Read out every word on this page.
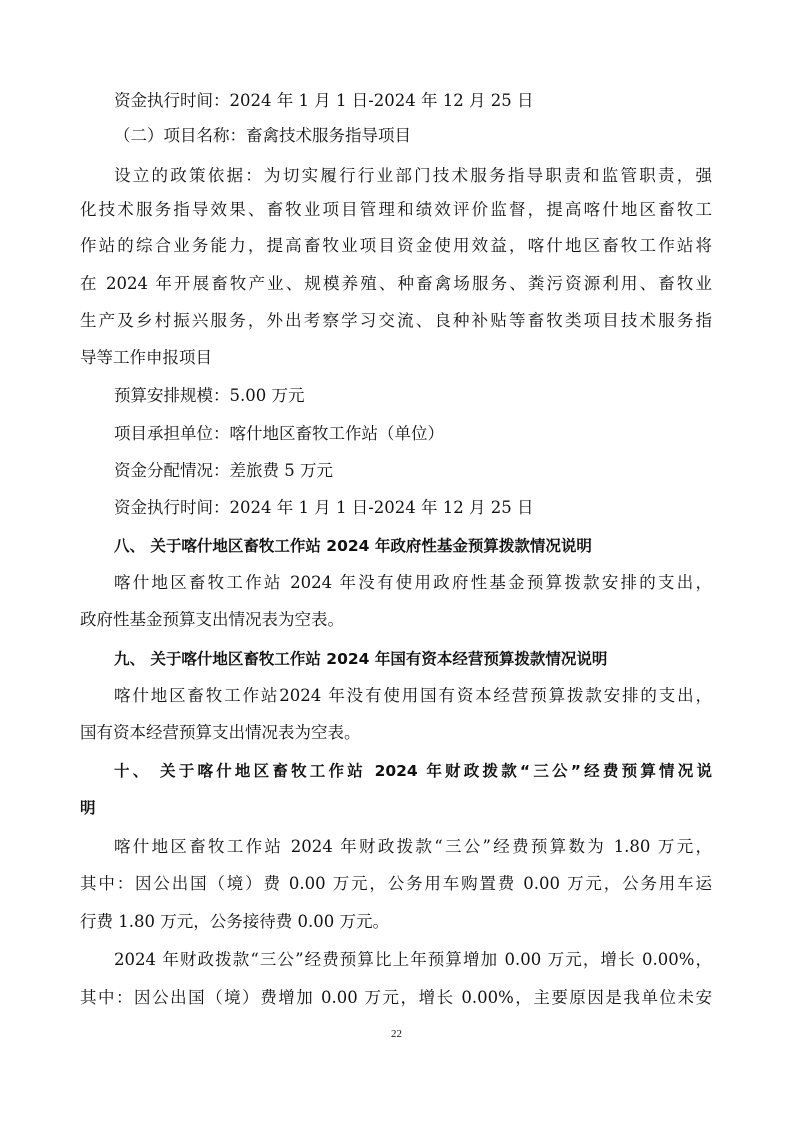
资金执行时间：2024 年 1 月 1 日-2024 年 12 月 25 日
（二）项目名称：畜禽技术服务指导项目
设立的政策依据：为切实履行行业部门技术服务指导职责和监管职责，强
化技术服务指导效果、畜牧业项目管理和绩效评价监督，提高喀什地区畜牧工
作站的综合业务能力，提高畜牧业项目资金使用效益，喀什地区畜牧工作站将
在 2024 年开展畜牧产业、规模养殖、种畜禽场服务、粪污资源利用、畜牧业
生产及乡村振兴服务，外出考察学习交流、良种补贴等畜牧类项目技术服务指
导等工作申报项目
预算安排规模：5.00 万元
项目承担单位：喀什地区畜牧工作站（单位）
资金分配情况：差旅费 5 万元
资金执行时间：2024 年 1 月 1 日-2024 年 12 月 25 日
八、 关于喀什地区畜牧工作站 2024 年政府性基金预算拨款情况说明
喀什地区畜牧工作站 2024 年没有使用政府性基金预算拨款安排的支出，
政府性基金预算支出情况表为空表。
九、 关于喀什地区畜牧工作站 2024 年国有资本经营预算拨款情况说明
喀什地区畜牧工作站2024 年没有使用国有资本经营预算拨款安排的支出，
国有资本经营预算支出情况表为空表。
十、 关于喀什地区畜牧工作站 2024 年财政拨款“三公”经费预算情况说
明
喀什地区畜牧工作站 2024 年财政拨款“三公”经费预算数为 1.80 万元，
其中：因公出国（境）费 0.00 万元，公务用车购置费 0.00 万元，公务用车运
行费 1.80 万元，公务接待费 0.00 万元。
2024 年财政拨款“三公”经费预算比上年预算增加 0.00 万元，增长 0.00%，
其中：因公出国（境）费增加 0.00 万元，增长 0.00%，主要原因是我单位未安
22
